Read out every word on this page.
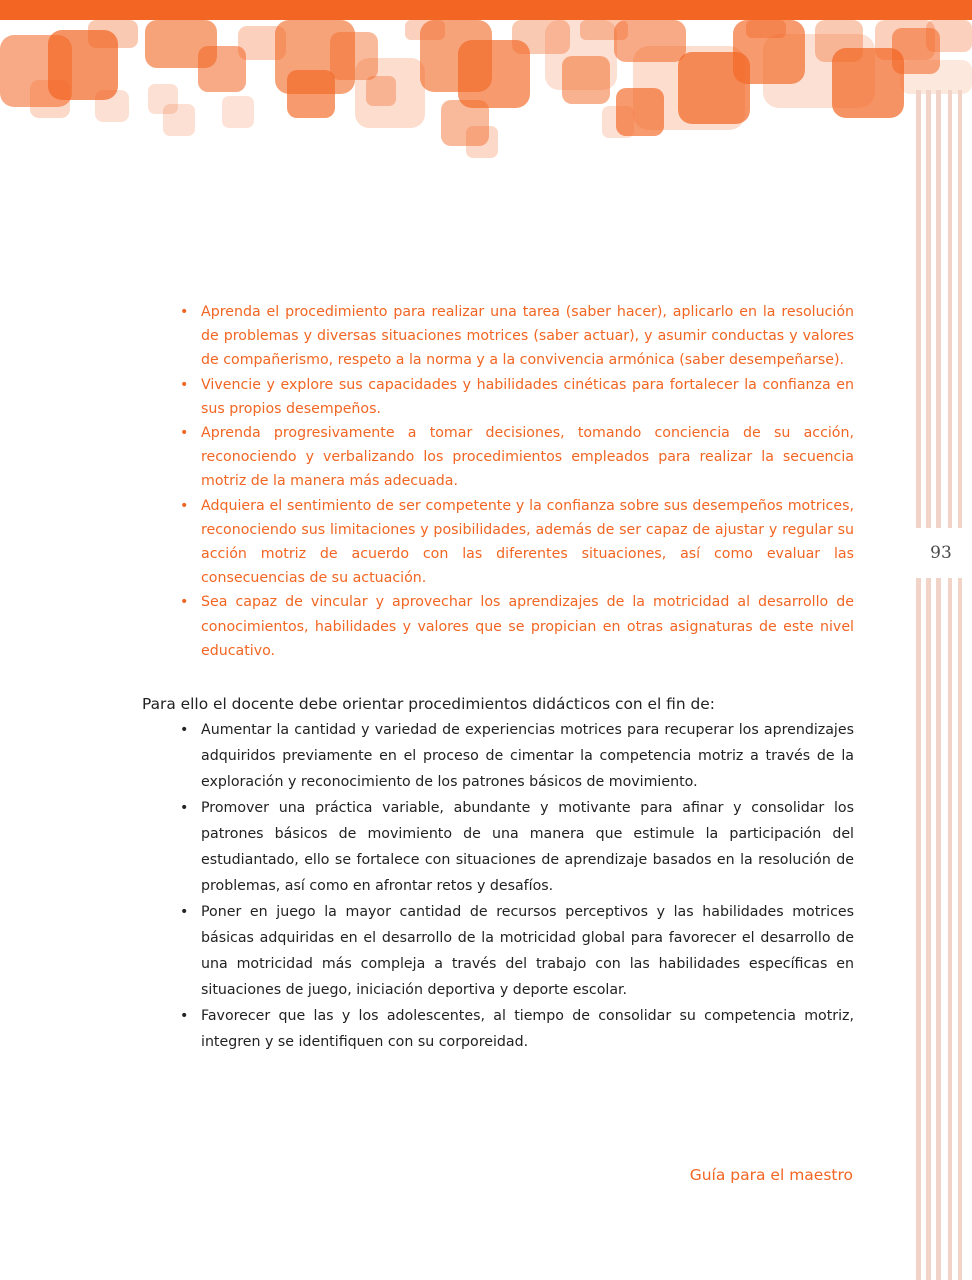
93
• Aprenda el procedimiento para realizar una tarea (saber hacer), aplicarlo en la resolución de problemas y diversas situaciones motrices (saber actuar), y asumir conductas y valores de compañerismo, respeto a la norma y a la convivencia armónica (saber desempeñarse).
• Vivencie y explore sus capacidades y habilidades cinéticas para fortalecer la confianza en sus propios desempeños.
• Aprenda progresivamente a tomar decisiones, tomando conciencia de su acción, reconociendo y verbalizando los procedimientos empleados para realizar la secuencia motriz de la manera más adecuada.
• Adquiera el sentimiento de ser competente y la confianza sobre sus desempeños motrices, reconociendo sus limitaciones y posibilidades, además de ser capaz de ajustar y regular su acción motriz de acuerdo con las diferentes situaciones, así como evaluar las consecuencias de su actuación.
• Sea capaz de vincular y aprovechar los aprendizajes de la motricidad al desarrollo de conocimientos, habilidades y valores que se propician en otras asignaturas de este nivel educativo.

Para ello el docente debe orientar procedimientos didácticos con el fin de:

• Aumentar la cantidad y variedad de experiencias motrices para recuperar los aprendizajes adquiridos previamente en el proceso de cimentar la competencia motriz a través de la exploración y reconocimiento de los patrones básicos de movimiento.
• Promover una práctica variable, abundante y motivante para afinar y consolidar los patrones básicos de movimiento de una manera que estimule la participación del estudiantado, ello se fortalece con situaciones de aprendizaje basados en la resolución de problemas, así como en afrontar retos y desafíos.
• Poner en juego la mayor cantidad de recursos perceptivos y las habilidades motrices básicas adquiridas en el desarrollo de la motricidad global para favorecer el desarrollo de una motricidad más compleja a través del trabajo con las habilidades específicas en situaciones de juego, iniciación deportiva y deporte escolar.
• Favorecer que las y los adolescentes, al tiempo de consolidar su competencia motriz, integren y se identifiquen con su corporeidad.
Guía para el maestro
